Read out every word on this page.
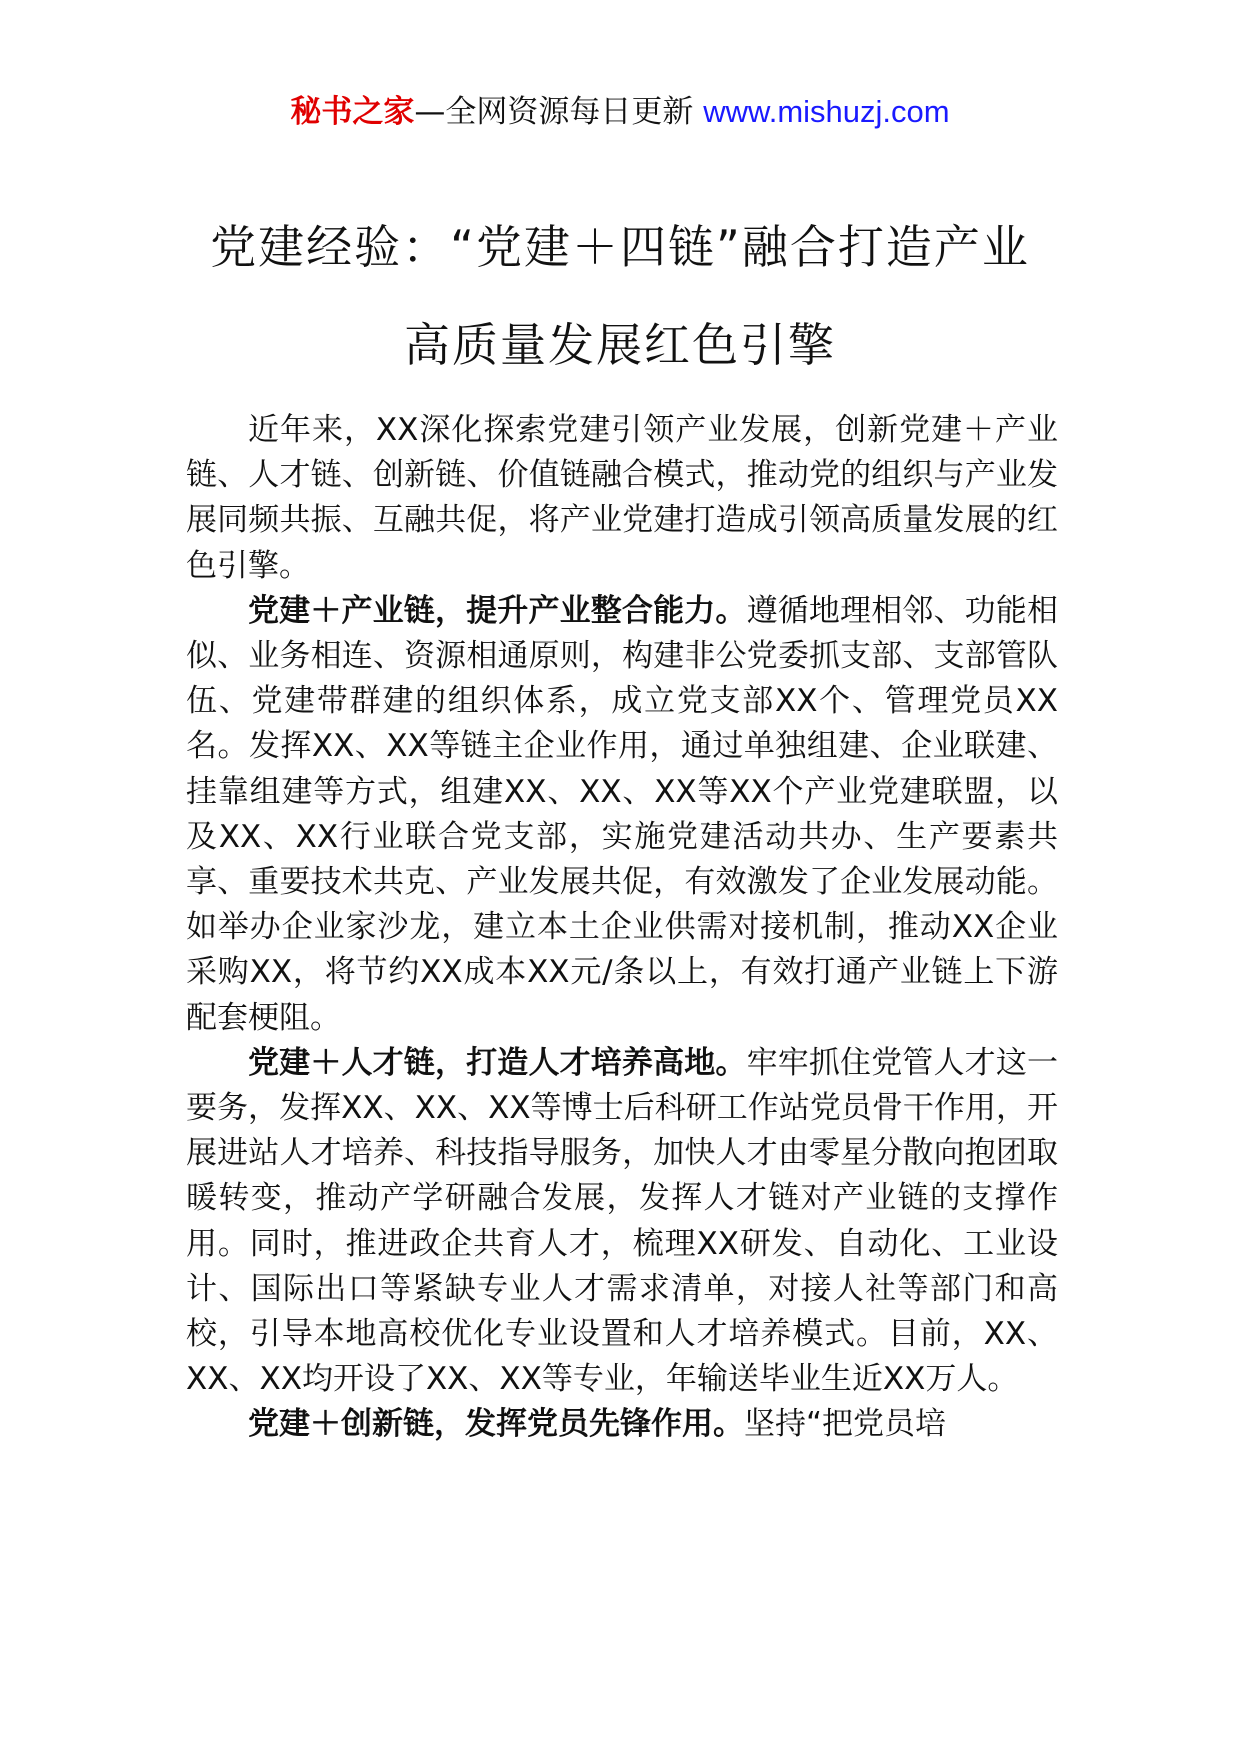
秘书之家—全网资源每日更新 www.mishuzj.com
党建经验：“党建＋四链”融合打造产业
高质量发展红色引擎

近年来，XX深化探索党建引领产业发展，创新党建＋产业链、人才链、创新链、价值链融合模式，推动党的组织与产业发展同频共振、互融共促，将产业党建打造成引领高质量发展的红色引擎。

党建＋产业链，提升产业整合能力。遵循地理相邻、功能相似、业务相连、资源相通原则，构建非公党委抓支部、支部管队伍、党建带群建的组织体系，成立党支部XX个、管理党员XX名。发挥XX、XX等链主企业作用，通过单独组建、企业联建、挂靠组建等方式，组建XX、XX、XX等XX个产业党建联盟，以及XX、XX行业联合党支部，实施党建活动共办、生产要素共享、重要技术共克、产业发展共促，有效激发了企业发展动能。如举办企业家沙龙，建立本土企业供需对接机制，推动XX企业采购XX，将节约XX成本XX元/条以上，有效打通产业链上下游配套梗阻。

党建＋人才链，打造人才培养高地。牢牢抓住党管人才这一要务，发挥XX、XX、XX等博士后科研工作站党员骨干作用，开展进站人才培养、科技指导服务，加快人才由零星分散向抱团取暖转变，推动产学研融合发展，发挥人才链对产业链的支撑作用。同时，推进政企共育人才，梳理XX研发、自动化、工业设计、国际出口等紧缺专业人才需求清单，对接人社等部门和高校，引导本地高校优化专业设置和人才培养模式。目前，XX、XX、XX均开设了XX、XX等专业，年输送毕业生近XX万人。

党建＋创新链，发挥党员先锋作用。坚持“把党员培
